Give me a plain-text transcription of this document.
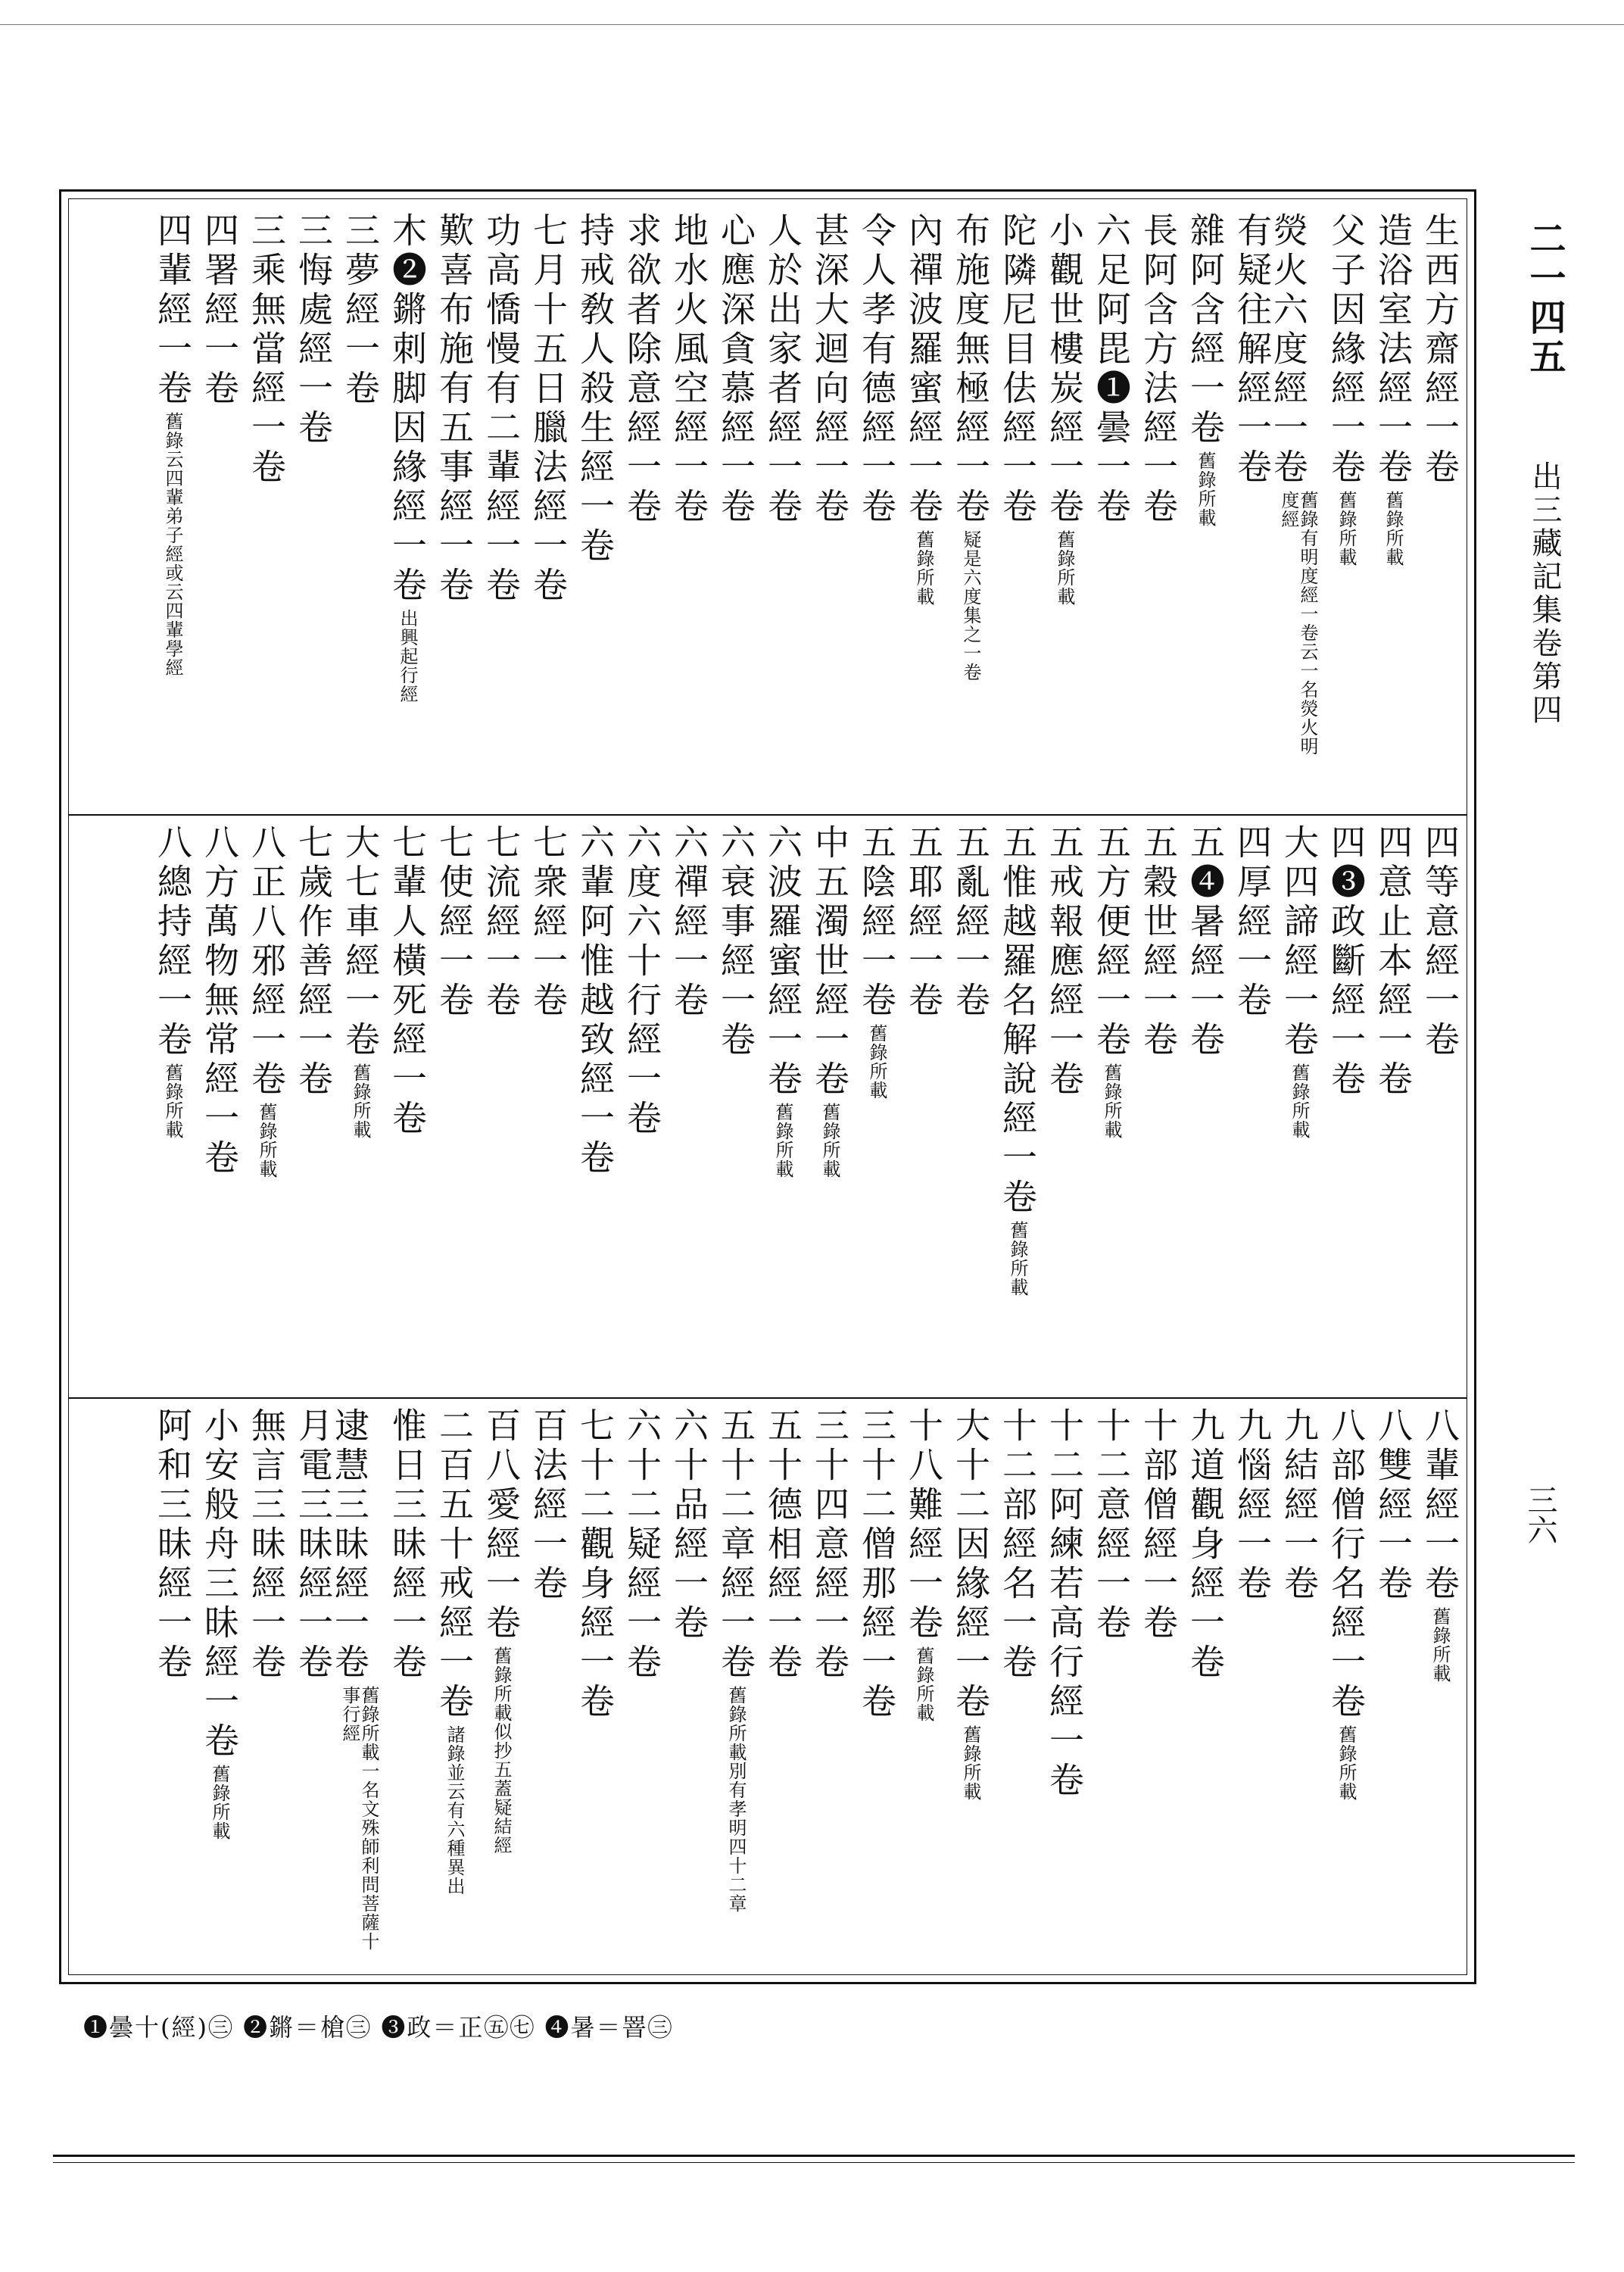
二一四五 出三藏記集卷第四
三六
生西方齋經一卷
造浴室法經一卷舊錄所載
父子因緣經一卷舊錄所載
熒火六度經一卷舊錄有明度經一卷云一名熒火明度經
有疑往解經一卷
雜阿含經一卷舊錄所載
長阿含方法經一卷
六足阿毘❶曇一卷
小觀世樓炭經一卷舊錄所載
陀隣尼目佉經一卷
布施度無極經一卷疑是六度集之一卷
內禪波羅蜜經一卷舊錄所載
令人孝有德經一卷
甚深大迴向經一卷
人於出家者經一卷
心應深貪慕經一卷
地水火風空經一卷
求欲者除意經一卷
持戒敎人殺生經一卷
七月十五日臘法經一卷
功高憍慢有二輩經一卷
歎喜布施有五事經一卷
木❷鏘刺脚因緣經一卷出興起行經
三夢經一卷
三悔處經一卷
三乘無當經一卷
四署經一卷
四輩經一卷舊錄云四輩弟子經或云四輩學經
四等意經一卷
四意止本經一卷
四❸政斷經一卷
大四諦經一卷舊錄所載
四厚經一卷
五❹暑經一卷
五穀世經一卷
五方便經一卷舊錄所載
五戒報應經一卷
五惟越羅名解說經一卷舊錄所載
五亂經一卷
五耶經一卷
五陰經一卷舊錄所載
中五濁世經一卷舊錄所載
六波羅蜜經一卷舊錄所載
六衰事經一卷
六禪經一卷
六度六十行經一卷
六輩阿惟越致經一卷
七衆經一卷
七流經一卷
七使經一卷
七輩人橫死經一卷
大七車經一卷舊錄所載
七歲作善經一卷
八正八邪經一卷舊錄所載
八方萬物無常經一卷
八總持經一卷舊錄所載
八輩經一卷舊錄所載
八雙經一卷
八部僧行名經一卷舊錄所載
九結經一卷
九惱經一卷
九道觀身經一卷
十部僧經一卷
十二意經一卷
十二阿練若高行經一卷
十二部經名一卷
大十二因緣經一卷舊錄所載
十八難經一卷舊錄所載
三十二僧那經一卷
三十四意經一卷
五十德相經一卷
五十二章經一卷舊錄所載別有孝明四十二章
六十品經一卷
六十二疑經一卷
七十二觀身經一卷
百法經一卷
百八愛經一卷舊錄所載似抄五蓋疑結經
二百五十戒經一卷諸錄並云有六種異出
惟日三昧經一卷
逮慧三昧經一卷舊錄所載一名文殊師利問菩薩十事行經
月電三昧經一卷
無言三昧經一卷
小安般舟三昧經一卷舊錄所載
阿和三昧經一卷
❶曇十(經)㊂ ❷鏘＝槍㊂ ❸政＝正㊄㊆ ❹暑＝罯㊂
